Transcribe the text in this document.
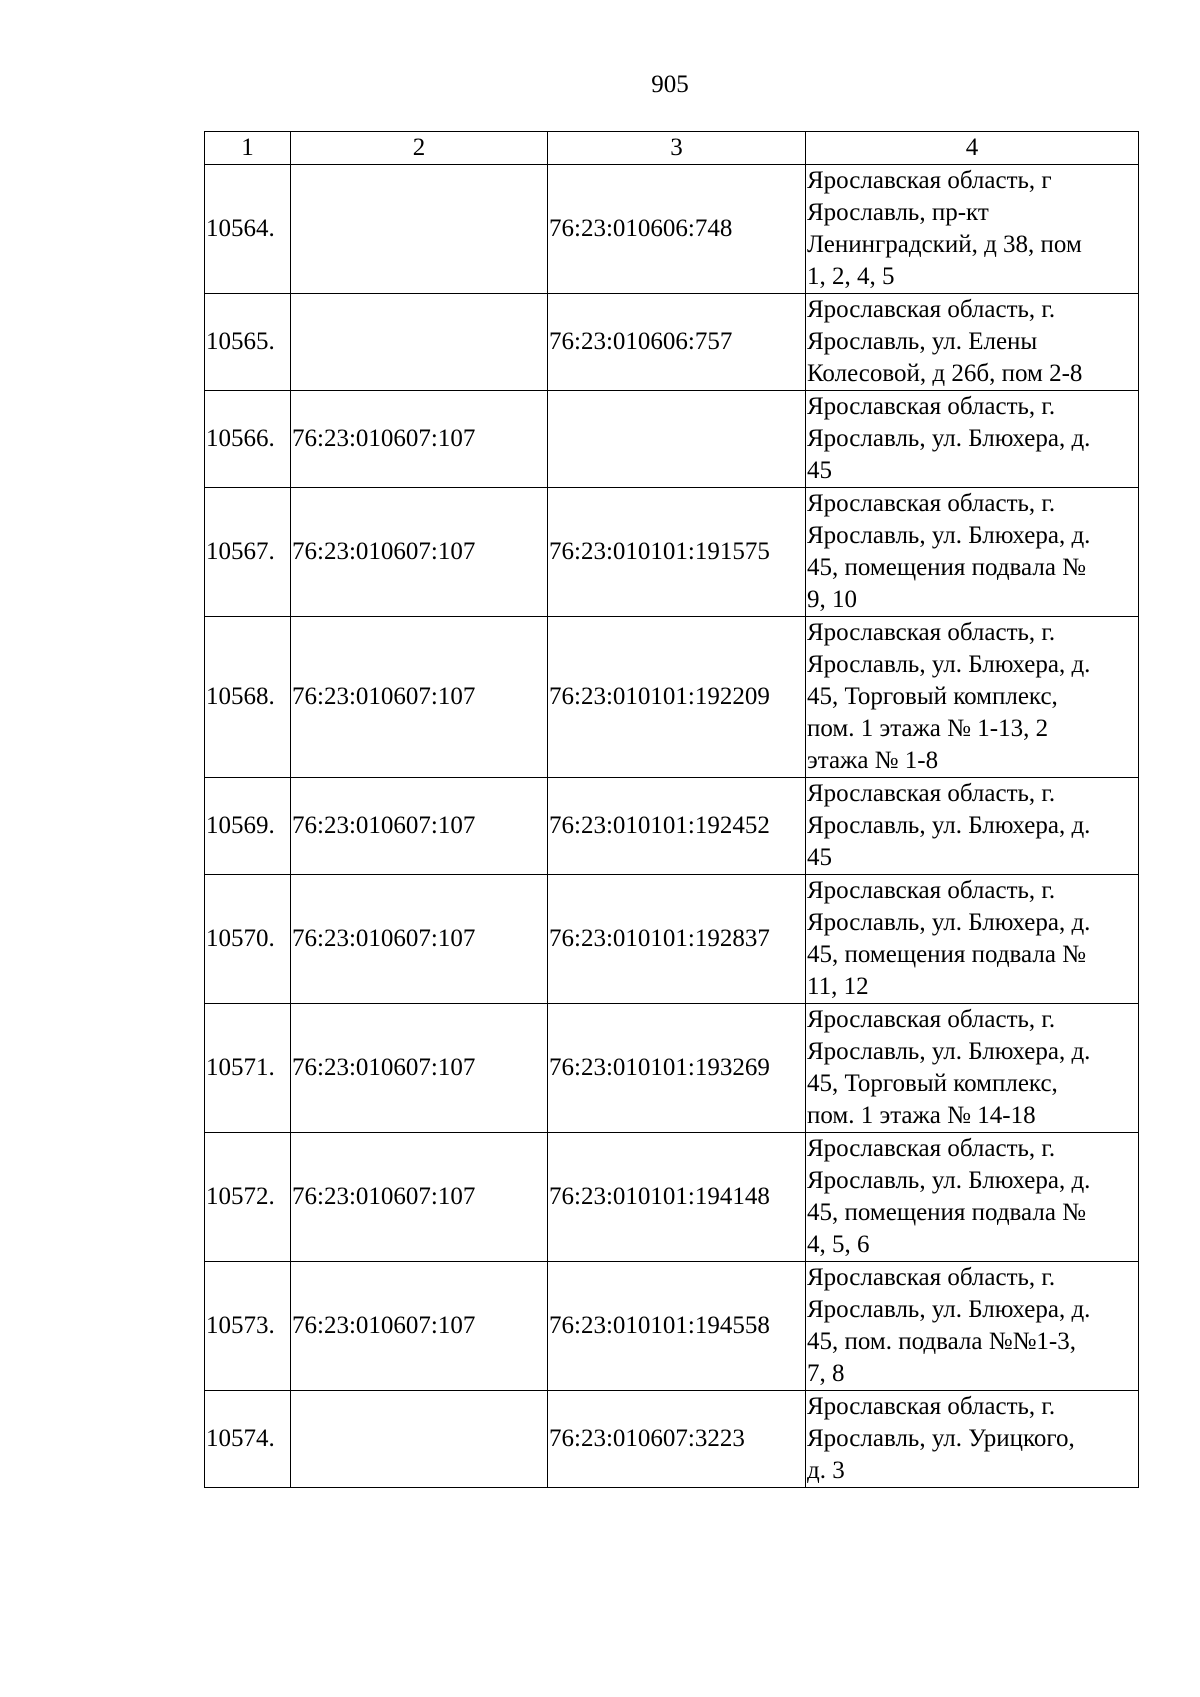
905
1	2	3	4
10564.		76:23:010606:748	Ярославская область, г
Ярославль, пр-кт
Ленинградский, д 38, пом
1, 2, 4, 5

10565.		76:23:010606:757	Ярославская область, г.
Ярославль, ул. Елены
Колесовой, д 26б, пом 2-8

10566.	76:23:010607:107		Ярославская область, г.
Ярославль, ул. Блюхера, д.
45

10567.	76:23:010607:107	76:23:010101:191575	Ярославская область, г.
Ярославль, ул. Блюхера, д.
45, помещения подвала №
9, 10

10568.	76:23:010607:107	76:23:010101:192209	Ярославская область, г.
Ярославль, ул. Блюхера, д.
45, Торговый комплекс,
пом. 1 этажа № 1-13, 2
этажа № 1-8

10569.	76:23:010607:107	76:23:010101:192452	Ярославская область, г.
Ярославль, ул. Блюхера, д.
45

10570.	76:23:010607:107	76:23:010101:192837	Ярославская область, г.
Ярославль, ул. Блюхера, д.
45, помещения подвала №
11, 12

10571.	76:23:010607:107	76:23:010101:193269	Ярославская область, г.
Ярославль, ул. Блюхера, д.
45, Торговый комплекс,
пом. 1 этажа № 14-18

10572.	76:23:010607:107	76:23:010101:194148	Ярославская область, г.
Ярославль, ул. Блюхера, д.
45, помещения подвала №
4, 5, 6

10573.	76:23:010607:107	76:23:010101:194558	Ярославская область, г.
Ярославль, ул. Блюхера, д.
45, пом. подвала №№1-3,
7, 8

10574.		76:23:010607:3223	Ярославская область, г.
Ярославль, ул. Урицкого,
д. 3
